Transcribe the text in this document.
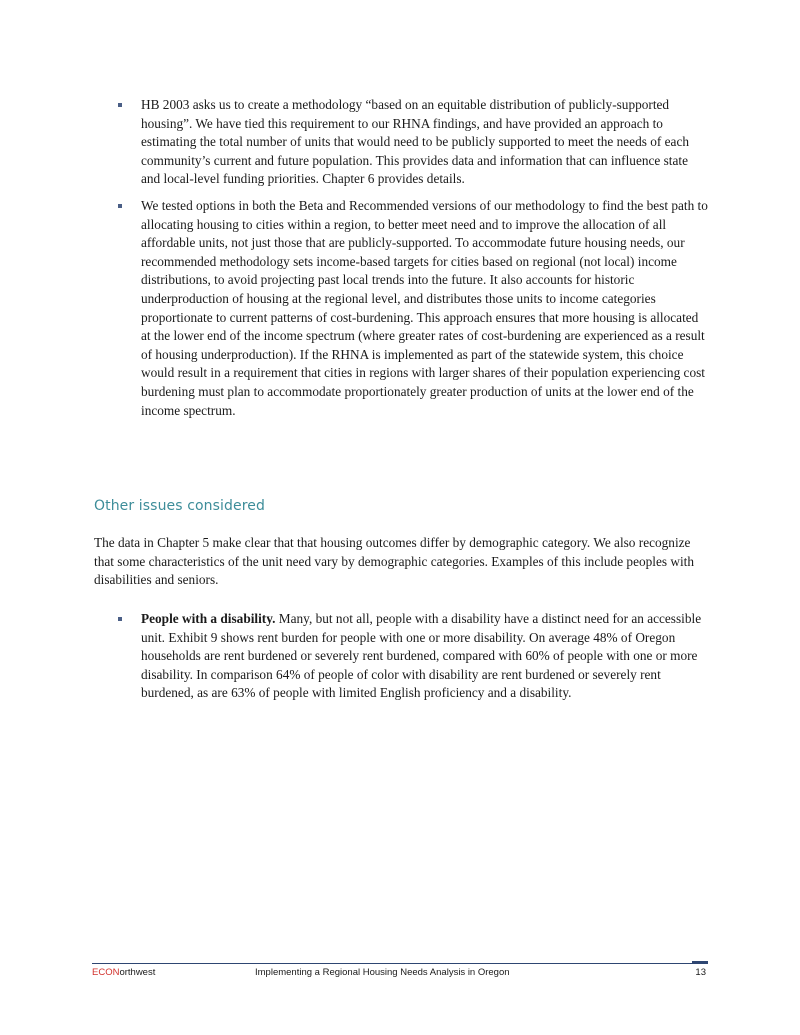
HB 2003 asks us to create a methodology “based on an equitable distribution of publicly-supported housing”. We have tied this requirement to our RHNA findings, and have provided an approach to estimating the total number of units that would need to be publicly supported to meet the needs of each community’s current and future population. This provides data and information that can influence state and local-level funding priorities. Chapter 6 provides details.
We tested options in both the Beta and Recommended versions of our methodology to find the best path to allocating housing to cities within a region, to better meet need and to improve the allocation of all affordable units, not just those that are publicly-supported. To accommodate future housing needs, our recommended methodology sets income-based targets for cities based on regional (not local) income distributions, to avoid projecting past local trends into the future. It also accounts for historic underproduction of housing at the regional level, and distributes those units to income categories proportionate to current patterns of cost-burdening. This approach ensures that more housing is allocated at the lower end of the income spectrum (where greater rates of cost-burdening are experienced as a result of housing underproduction). If the RHNA is implemented as part of the statewide system, this choice would result in a requirement that cities in regions with larger shares of their population experiencing cost burdening must plan to accommodate proportionately greater production of units at the lower end of the income spectrum.
Other issues considered

The data in Chapter 5 make clear that that housing outcomes differ by demographic category. We also recognize that some characteristics of the unit need vary by demographic categories. Examples of this include peoples with disabilities and seniors.

People with a disability. Many, but not all, people with a disability have a distinct need for an accessible unit. Exhibit 9 shows rent burden for people with one or more disability. On average 48% of Oregon households are rent burdened or severely rent burdened, compared with 60% of people with one or more disability. In comparison 64% of people of color with disability are rent burdened or severely rent burdened, as are 63% of people with limited English proficiency and a disability.
ECONorthwest	Implementing a Regional Housing Needs Analysis in Oregon	13
